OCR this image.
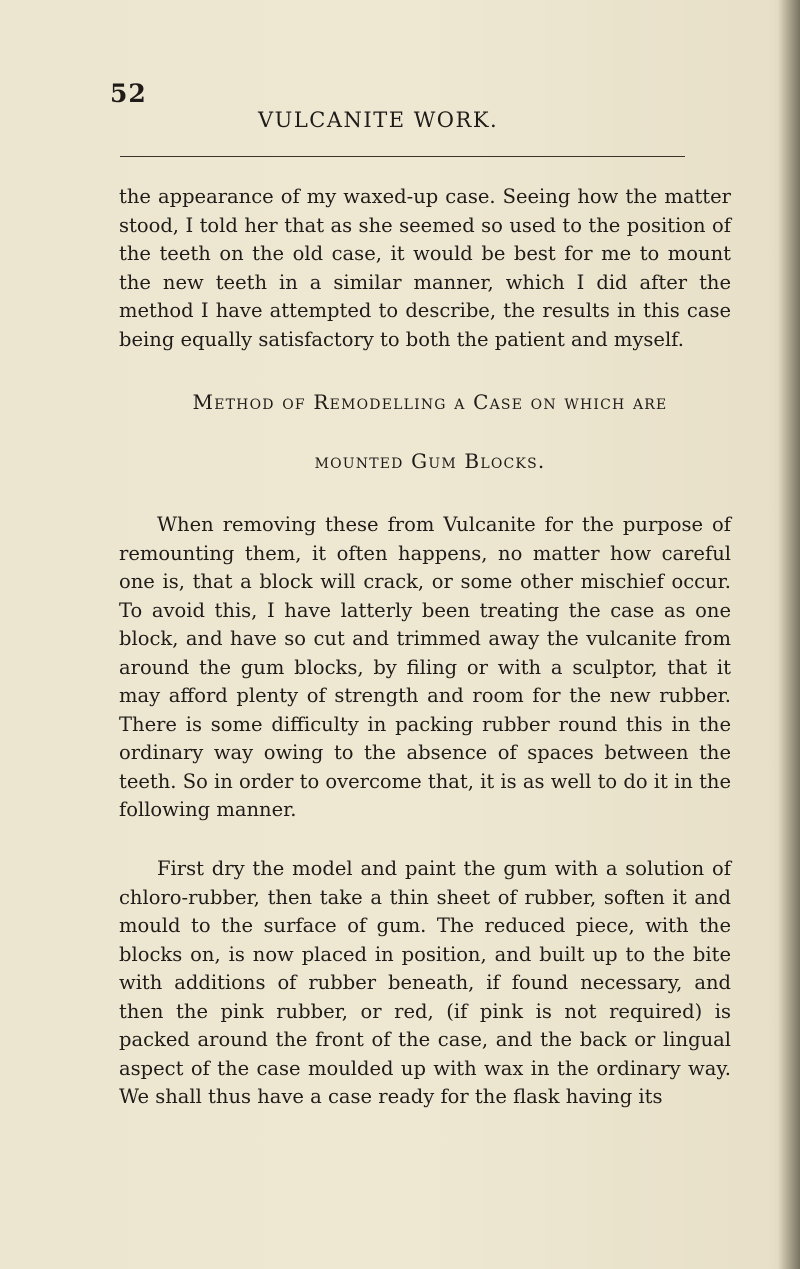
52
VULCANITE WORK.

the appearance of my waxed-up case. Seeing how the matter stood, I told her that as she seemed so used to the position of the teeth on the old case, it would be best for me to mount the new teeth in a similar manner, which I did after the method I have attempted to describe, the results in this case being equally satisfactory to both the patient and myself.

Method of Remodelling a Case on which are
mounted Gum Blocks.

When removing these from Vulcanite for the purpose of remounting them, it often happens, no matter how careful one is, that a block will crack, or some other mischief occur. To avoid this, I have latterly been treating the case as one block, and have so cut and trimmed away the vulcanite from around the gum blocks, by filing or with a sculptor, that it may afford plenty of strength and room for the new rubber. There is some difficulty in packing rubber round this in the ordinary way owing to the absence of spaces between the teeth. So in order to overcome that, it is as well to do it in the following manner.

First dry the model and paint the gum with a solution of chloro-rubber, then take a thin sheet of rubber, soften it and mould to the surface of gum. The reduced piece, with the blocks on, is now placed in position, and built up to the bite with additions of rubber beneath, if found necessary, and then the pink rubber, or red, (if pink is not required) is packed around the front of the case, and the back or lingual aspect of the case moulded up with wax in the ordinary way. We shall thus have a case ready for the flask having its
